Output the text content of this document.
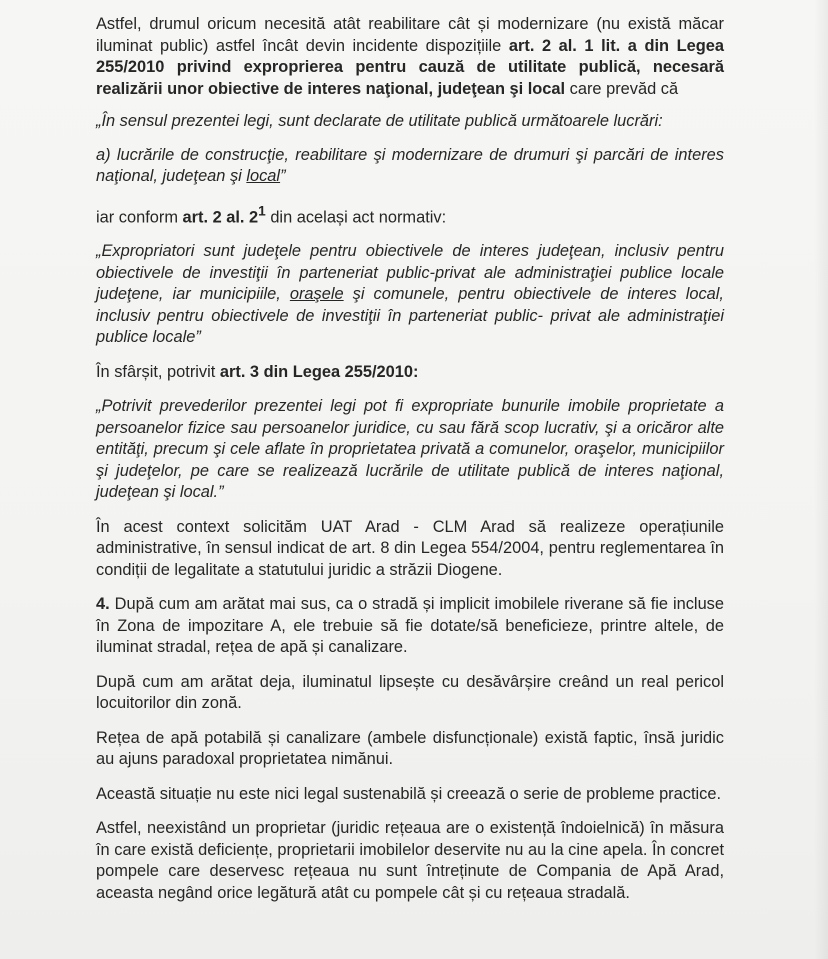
Astfel, drumul oricum necesită atât reabilitare cât și modernizare (nu există măcar iluminat public) astfel încât devin incidente dispozițiile art. 2 al. 1 lit. a din Legea 255/2010 privind exproprierea pentru cauză de utilitate publică, necesară realizării unor obiective de interes naţional, judeţean şi local care prevăd că

„În sensul prezentei legi, sunt declarate de utilitate publică următoarele lucrări:

a) lucrările de construcţie, reabilitare şi modernizare de drumuri şi parcări de interes naţional, judeţean şi local”

iar conform art. 2 al. $2^1$ din același act normativ:

„Expropriatori sunt judeţele pentru obiectivele de interes judeţean, inclusiv pentru obiectivele de investiţii în parteneriat public-privat ale administraţiei publice locale judeţene, iar municipiile, oraşele şi comunele, pentru obiectivele de interes local, inclusiv pentru obiectivele de investiţii în parteneriat public- privat ale administraţiei publice locale”

În sfârșit, potrivit art. 3 din Legea 255/2010:

„Potrivit prevederilor prezentei legi pot fi expropriate bunurile imobile proprietate a persoanelor fizice sau persoanelor juridice, cu sau fără scop lucrativ, şi a oricăror alte entităţi, precum şi cele aflate în proprietatea privată a comunelor, oraşelor, municipiilor şi judeţelor, pe care se realizează lucrările de utilitate publică de interes naţional, judeţean şi local.”

În acest context solicităm UAT Arad - CLM Arad să realizeze operațiunile administrative, în sensul indicat de art. 8 din Legea 554/2004, pentru reglementarea în condiții de legalitate a statutului juridic a străzii Diogene.

4. După cum am arătat mai sus, ca o stradă și implicit imobilele riverane să fie incluse în Zona de impozitare A, ele trebuie să fie dotate/să beneficieze, printre altele, de iluminat stradal, rețea de apă și canalizare.

După cum am arătat deja, iluminatul lipsește cu desăvârșire creând un real pericol locuitorilor din zonă.

Rețea de apă potabilă și canalizare (ambele disfuncționale) există faptic, însă juridic au ajuns paradoxal proprietatea nimănui.

Această situație nu este nici legal sustenabilă și creează o serie de probleme practice.

Astfel, neexistând un proprietar (juridic rețeaua are o existență îndoielnică) în măsura în care există deficiențe, proprietarii imobilelor deservite nu au la cine apela. În concret pompele care deservesc rețeaua nu sunt întreținute de Compania de Apă Arad, aceasta negând orice legătură atât cu pompele cât și cu rețeaua stradală.
